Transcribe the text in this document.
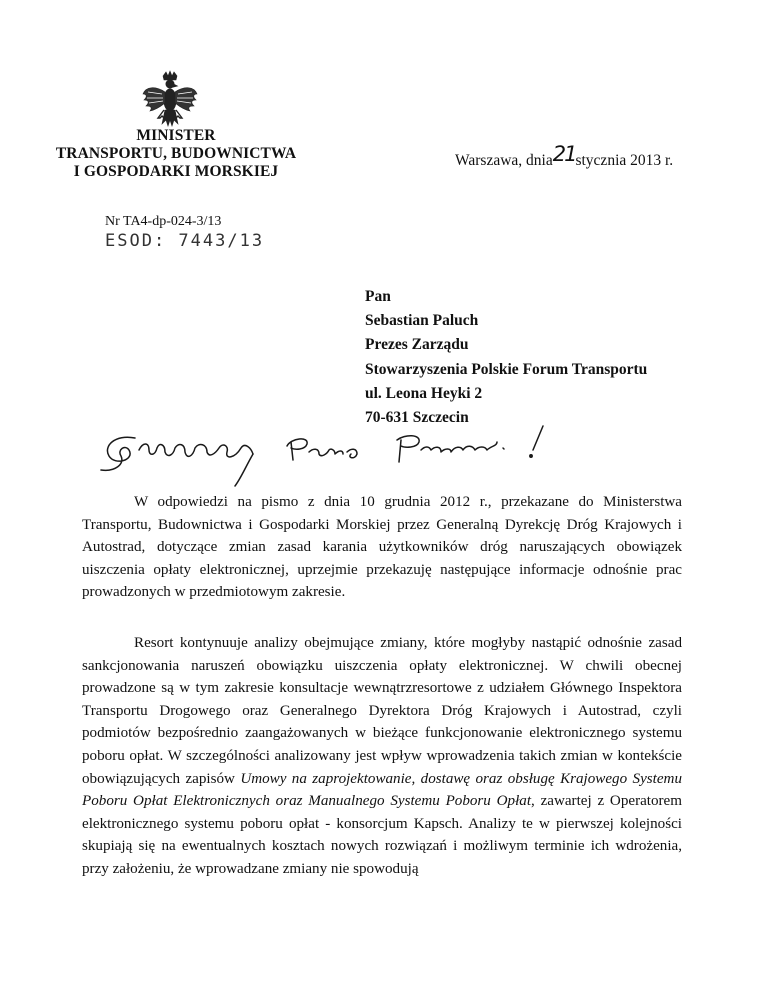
MINISTER
TRANSPORTU, BUDOWNICTWA
I GOSPODARKI MORSKIEJ
Warszawa, dnia21stycznia 2013 r.
Nr TA4-dp-024-3/13
ESOD: 7443/13
Pan
Sebastian Paluch
Prezes Zarządu
Stowarzyszenia Polskie Forum Transportu
ul. Leona Heyki 2
70-631 Szczecin

W odpowiedzi na pismo z dnia 10 grudnia 2012 r., przekazane do Ministerstwa Transportu, Budownictwa i Gospodarki Morskiej przez Generalną Dyrekcję Dróg Krajowych i Autostrad, dotyczące zmian zasad karania użytkowników dróg naruszających obowiązek uiszczenia opłaty elektronicznej, uprzejmie przekazuję następujące informacje odnośnie prac prowadzonych w przedmiotowym zakresie.

Resort kontynuuje analizy obejmujące zmiany, które mogłyby nastąpić odnośnie zasad sankcjonowania naruszeń obowiązku uiszczenia opłaty elektronicznej. W chwili obecnej prowadzone są w tym zakresie konsultacje wewnątrzresortowe z udziałem Głównego Inspektora Transportu Drogowego oraz Generalnego Dyrektora Dróg Krajowych i Autostrad, czyli podmiotów bezpośrednio zaangażowanych w bieżące funkcjonowanie elektronicznego systemu poboru opłat. W szczególności analizowany jest wpływ wprowadzenia takich zmian w kontekście obowiązujących zapisów Umowy na zaprojektowanie, dostawę oraz obsługę Krajowego Systemu Poboru Opłat Elektronicznych oraz Manualnego Systemu Poboru Opłat, zawartej z Operatorem elektronicznego systemu poboru opłat - konsorcjum Kapsch. Analizy te w pierwszej kolejności skupiają się na ewentualnych kosztach nowych rozwiązań i możliwym terminie ich wdrożenia, przy założeniu, że wprowadzane zmiany nie spowodują
